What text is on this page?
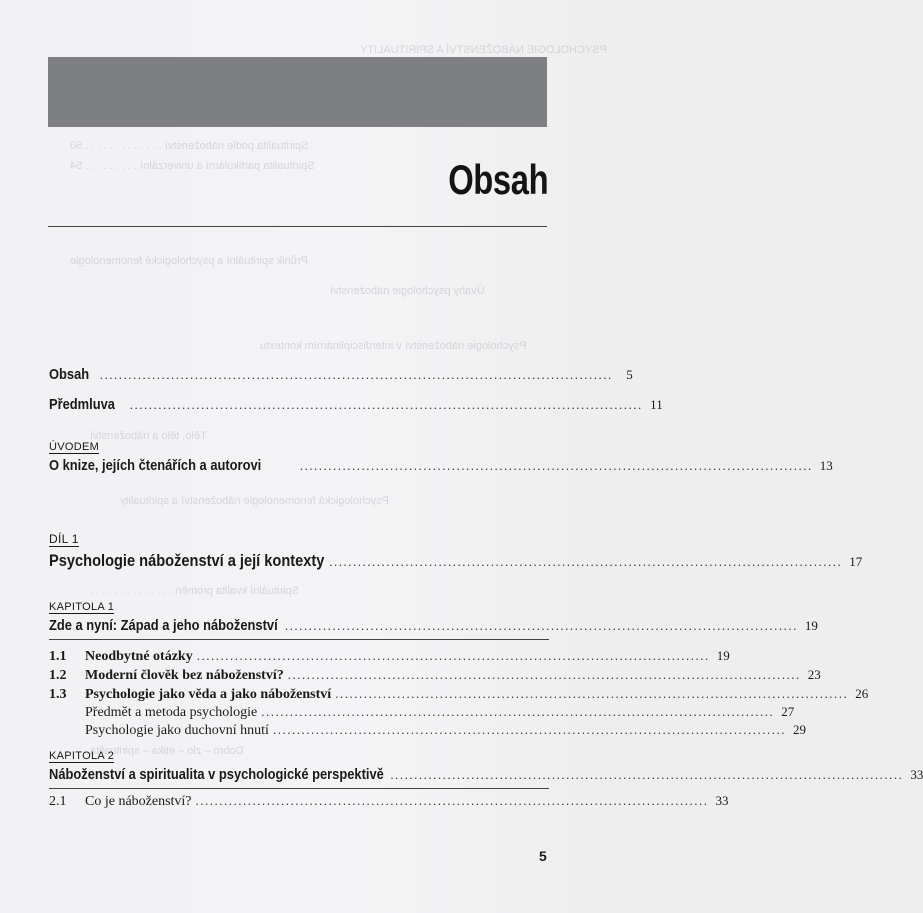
PSYCHOLOGIE NÁBOŽENSTVÍ A SPIRITUALITY
Spiritualita podle náboženství . . . . . . . . . . . . . 50
Spiritualita partikulární a univerzální . . . . . . . . . 54
Průnik spirituální a psychologické fenomenologie
Úvahy psychologie náboženství
Psychologie náboženství v interdisciplinárním kontextu
Tělo, tělo a náboženství
Psychologická fenomenologie náboženství a spirituality
Spirituální kvalita proměn . . . . . . . . . . . . . .
Dobro – zlo – etika – spiritualita
Obsah
Obsah ............................................................................................................	5
Předmluva	............................................................................................................ 11
ÚVODEM
O knize, jejích čtenářích a autorovi	............................................................................................................ 13
DÍL 1
Psychologie náboženství a její kontexty ............................................................................................................ 17
KAPITOLA 1
Zde a nyní: Západ a jeho náboženství ............................................................................................................ 19
1.1 Neodbytné otázky ............................................................................................................ 19
1.2 Moderní člověk bez náboženství? ............................................................................................................ 23
1.3 Psychologie jako věda a jako náboženství ............................................................................................................ 26
Předmět a metoda psychologie ............................................................................................................ 27
Psychologie jako duchovní hnutí ............................................................................................................ 29
KAPITOLA 2
Náboženství a spiritualita v psychologické perspektivě ............................................................................................................ 33
2.1 Co je náboženství? ............................................................................................................ 33
5
